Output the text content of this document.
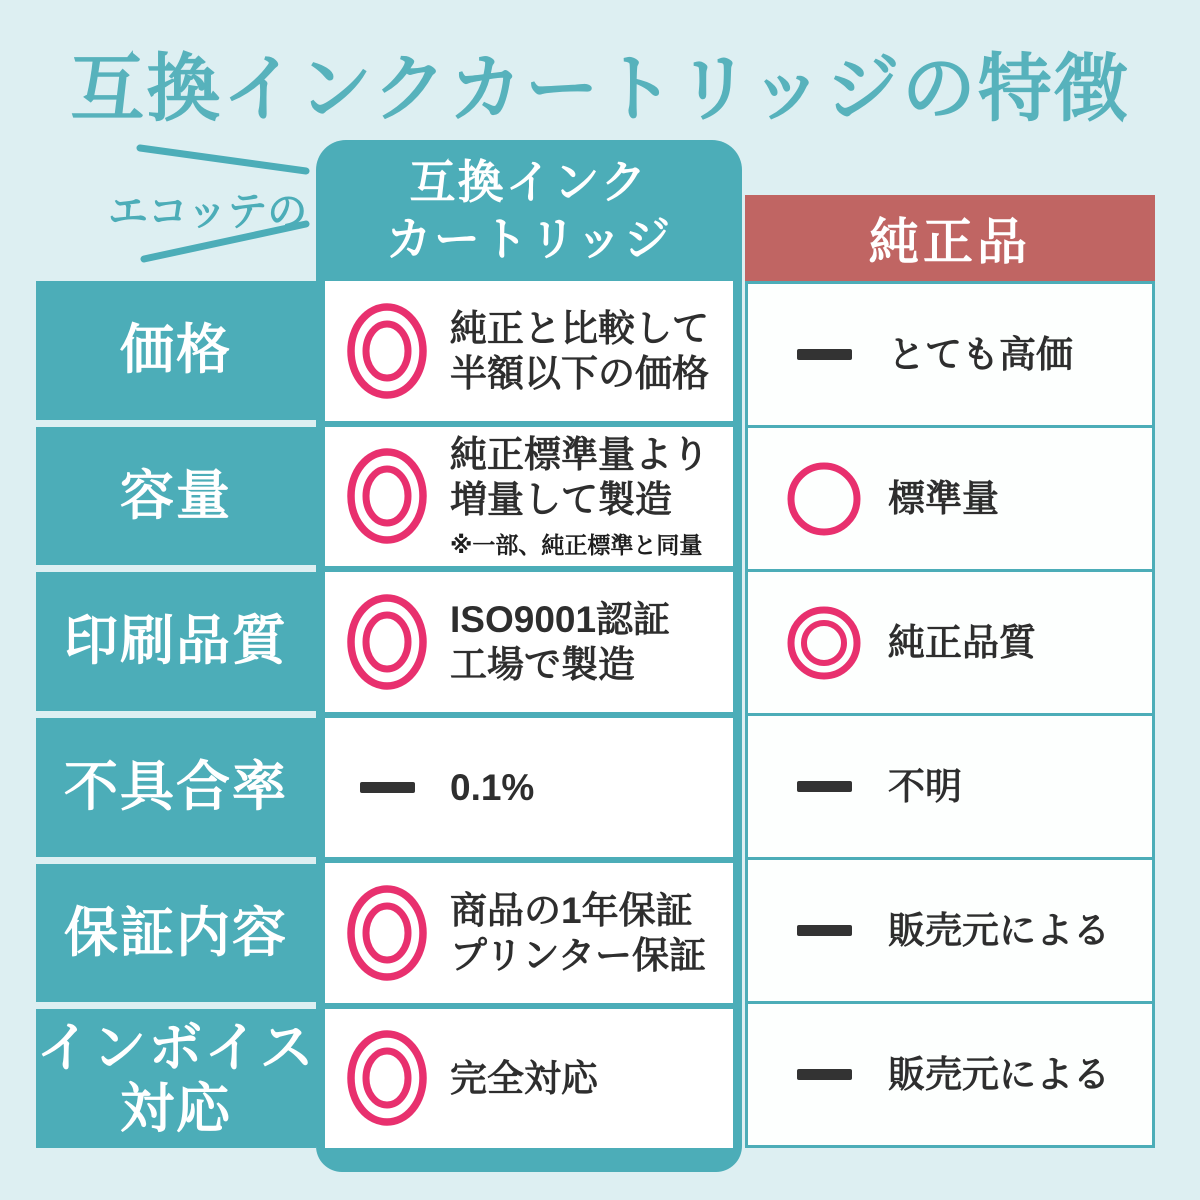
互換インクカートリッジの特徴
エコッテの
価格
容量
印刷品質
不具合率
保証内容
インボイス
対応
互換インク
カートリッジ
純正と比較して
半額以下の価格
純正標準量より
増量して製造
※一部、純正標準と同量
ISO9001認証
工場で製造
0.1%
商品の1年保証
プリンター保証
完全対応
純正品
とても高価
標準量
純正品質
不明
販売元による
販売元による
